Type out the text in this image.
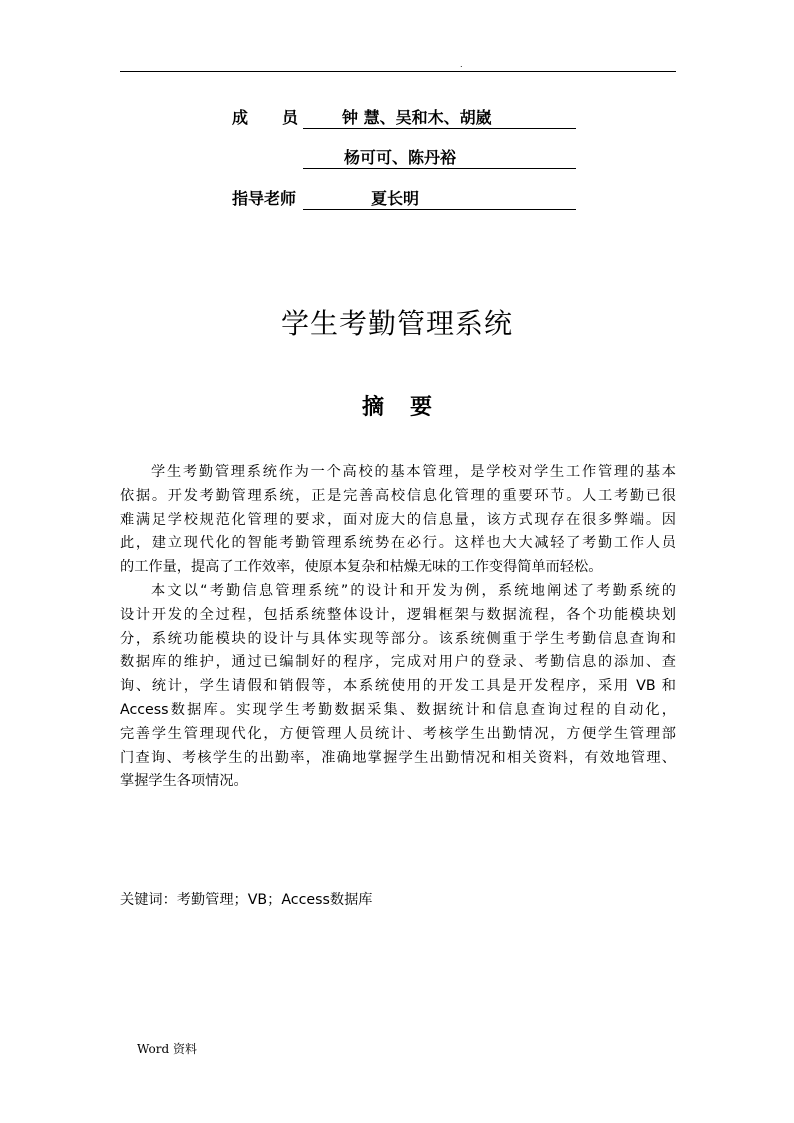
.
成 员	钟 慧、吴和木、胡崴
杨可可、陈丹裕
指导老师	夏长明
学生考勤管理系统
摘要
学生考勤管理系统作为一个高校的基本管理，是学校对学生工作管理的基本
依据。开发考勤管理系统，正是完善高校信息化管理的重要环节。人工考勤已很
难满足学校规范化管理的要求，面对庞大的信息量，该方式现存在很多弊端。因
此，建立现代化的智能考勤管理系统势在必行。这样也大大减轻了考勤工作人员
的工作量，提高了工作效率，使原本复杂和枯燥无味的工作变得简单而轻松。
本文以“考勤信息管理系统”的设计和开发为例，系统地阐述了考勤系统的
设计开发的全过程，包括系统整体设计，逻辑框架与数据流程，各个功能模块划
分，系统功能模块的设计与具体实现等部分。该系统侧重于学生考勤信息查询和
数据库的维护，通过已编制好的程序，完成对用户的登录、考勤信息的添加、查
询、统计，学生请假和销假等，本系统使用的开发工具是开发程序，采用 VB 和
Access数据库。实现学生考勤数据采集、数据统计和信息查询过程的自动化，
完善学生管理现代化，方便管理人员统计、考核学生出勤情况，方便学生管理部
门查询、考核学生的出勤率，准确地掌握学生出勤情况和相关资料，有效地管理、
掌握学生各项情况。
关键词：考勤管理；VB；Access数据库
Word 资料
